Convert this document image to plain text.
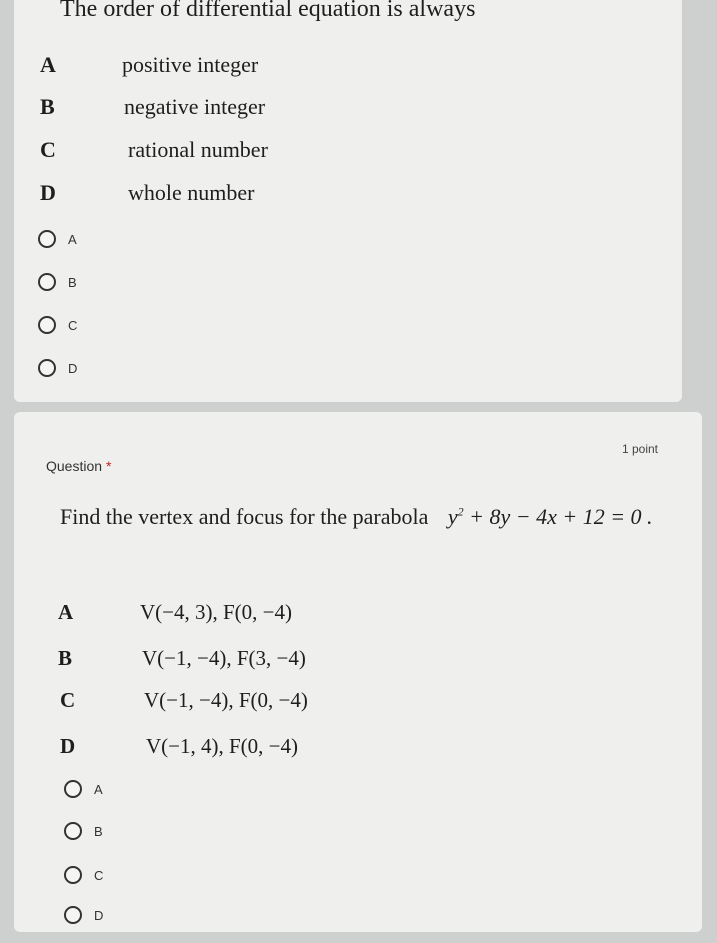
The order of differential equation is always
A	positive integer
B	negative integer
C	rational number
D	whole number
A
B
C
D
1 point
Question *
Find the vertex and focus for the parabola $y^2 + 8y - 4x + 12 = 0$ .
A	V(−4, 3), F(0, −4)
B	V(−1, −4), F(3, −4)
C	V(−1, −4), F(0, −4)
D	V(−1, 4), F(0, −4)
A
B
C
D
